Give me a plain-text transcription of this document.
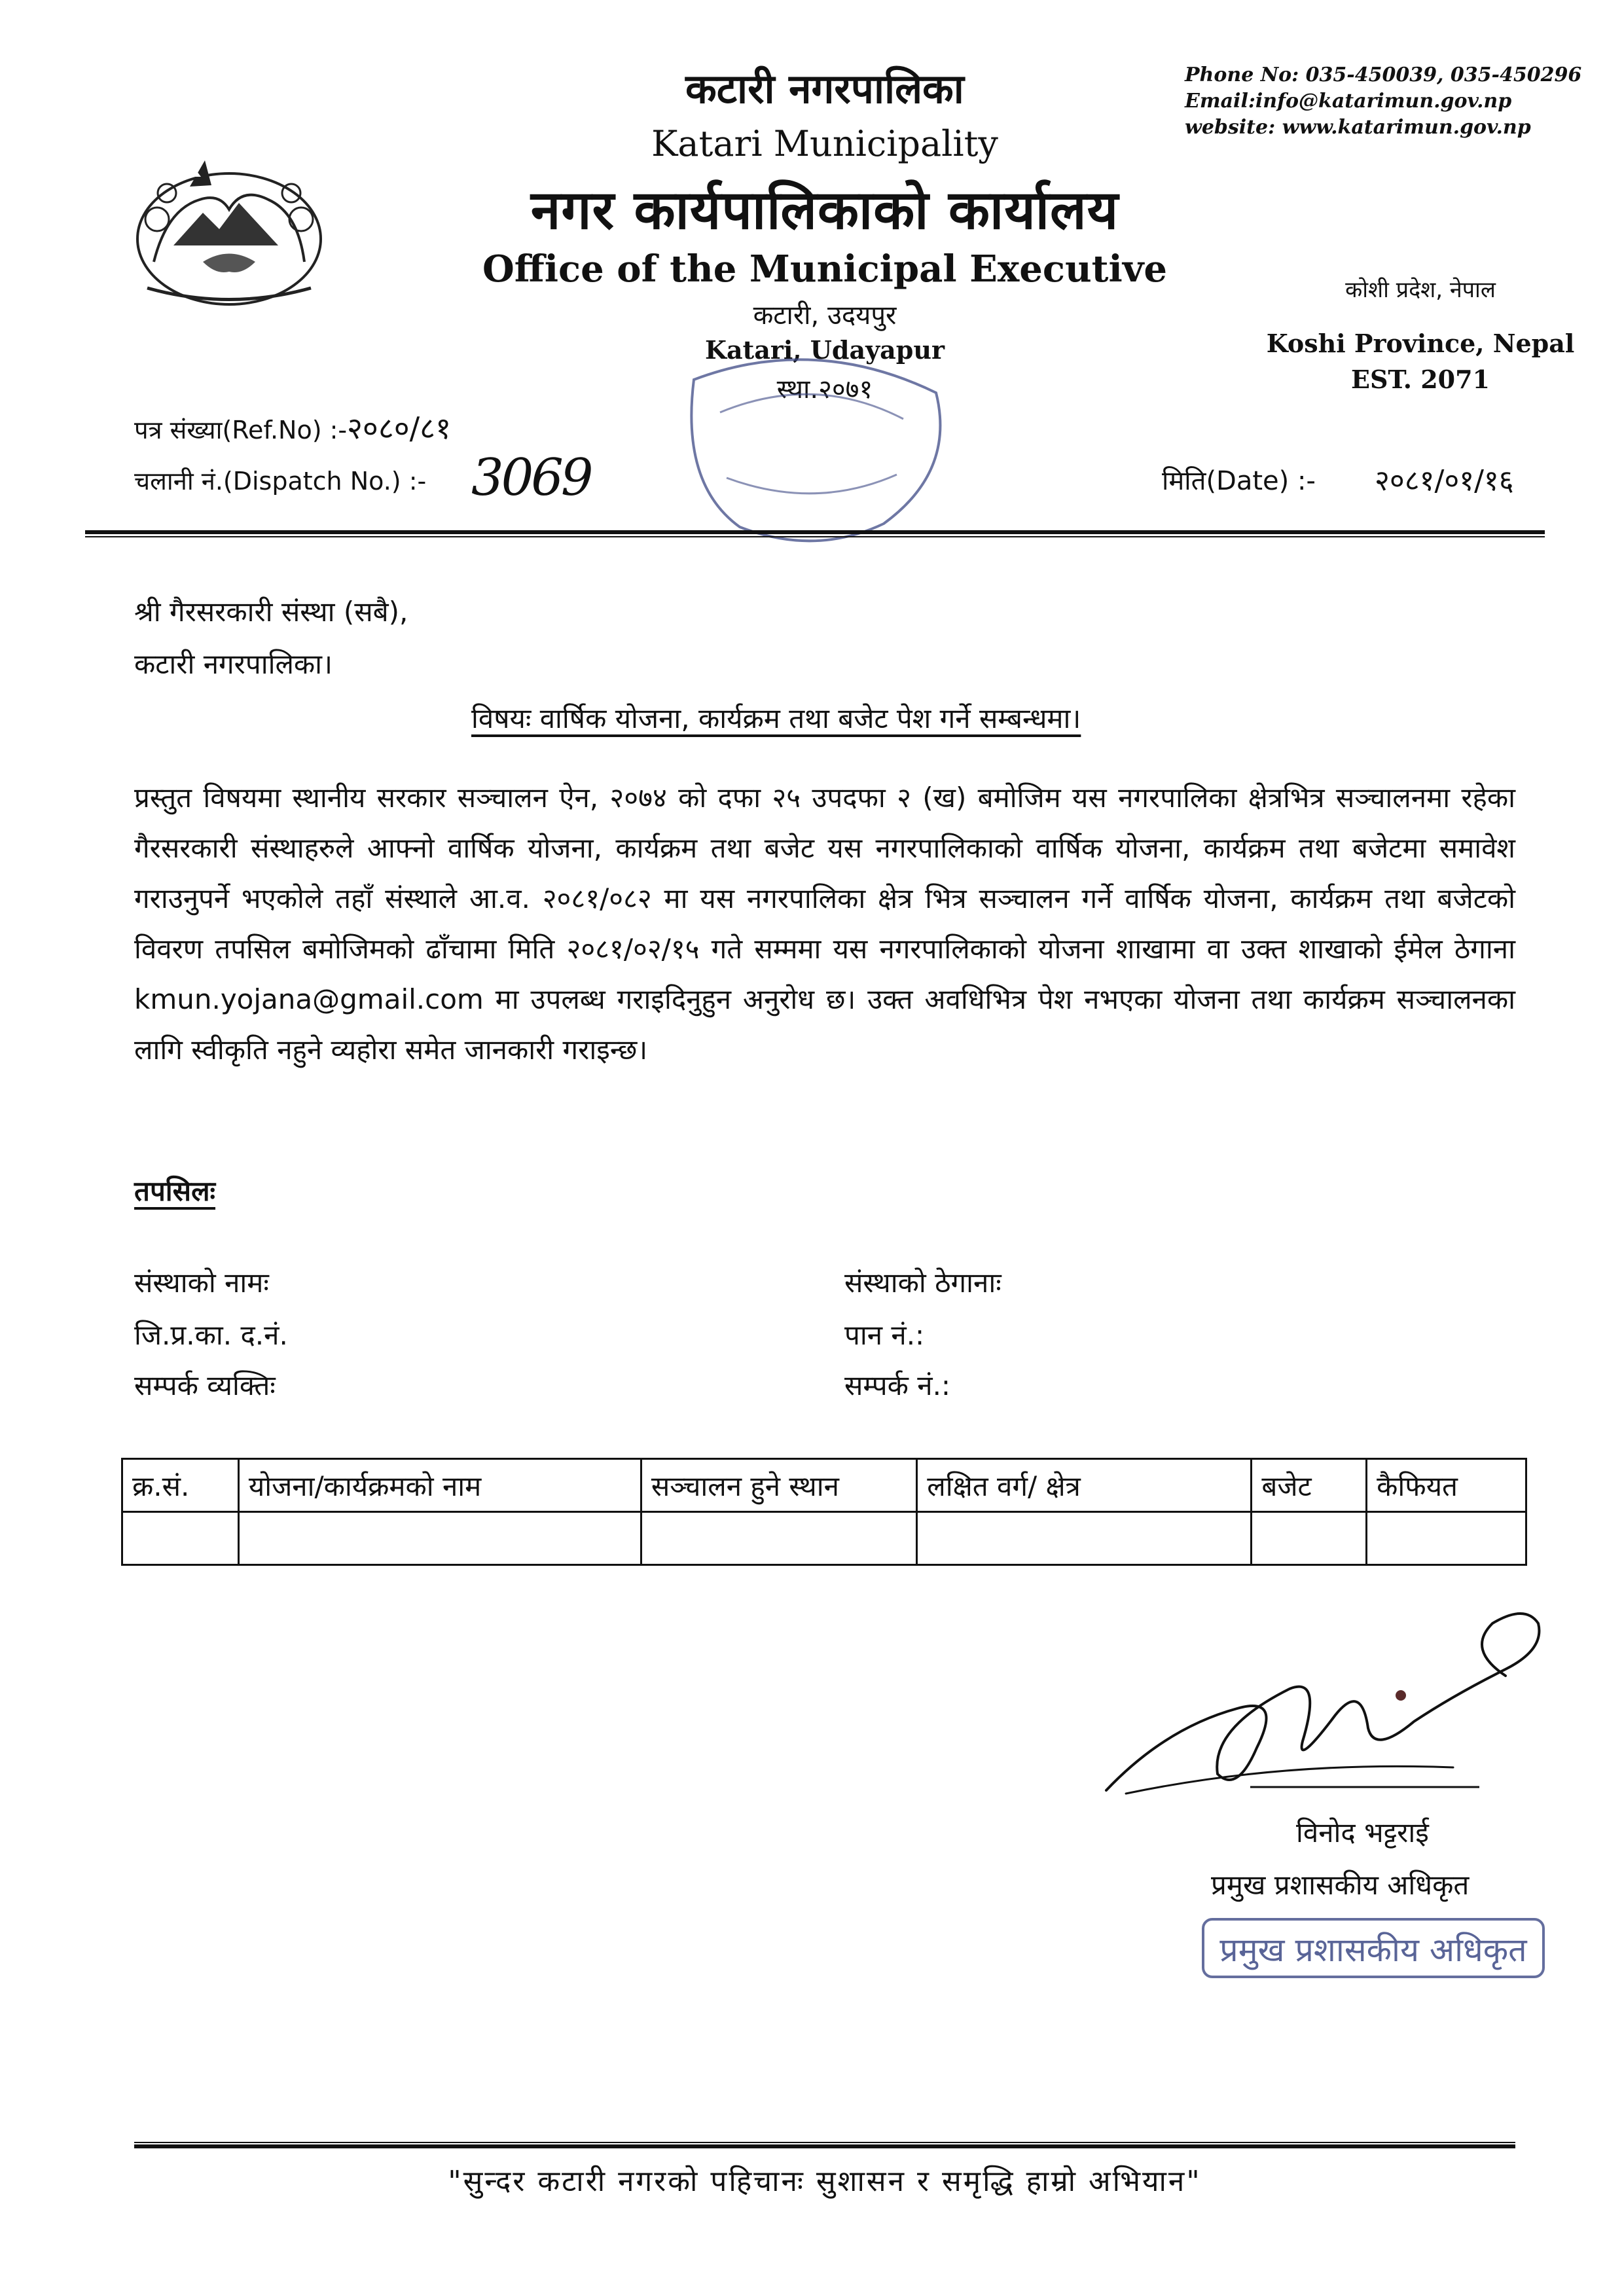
कटारी नगरपालिका
Katari Municipality
नगर कार्यपालिकाको कार्यालय
Office of the Municipal Executive
कटारी, उदयपुर
Katari, Udayapur
स्था.२०७१
Phone No: 035-450039, 035-450296
Email:info@katarimun.gov.np
website: www.katarimun.gov.np
कोशी प्रदेश, नेपाल
Koshi Province, Nepal
EST. 2071
पत्र संख्या(Ref.No) :- २०८०/८१
चलानी नं.(Dispatch No.) :- 3069	मिति(Date) :- २०८१/०१/१६
श्री गैरसरकारी संस्था (सबै),
कटारी नगरपालिका।
विषयः वार्षिक योजना, कार्यक्रम तथा बजेट पेश गर्ने सम्बन्धमा।
प्रस्तुत विषयमा स्थानीय सरकार सञ्चालन ऐन, २०७४ को दफा २५ उपदफा २ (ख) बमोजिम यस नगरपालिका क्षेत्रभित्र सञ्चालनमा रहेका गैरसरकारी संस्थाहरुले आफ्नो वार्षिक योजना, कार्यक्रम तथा बजेट यस नगरपालिकाको वार्षिक योजना, कार्यक्रम तथा बजेटमा समावेश गराउनुपर्ने भएकोले तहाँ संस्थाले आ.व. २०८१/०८२ मा यस नगरपालिका क्षेत्र भित्र सञ्चालन गर्ने वार्षिक योजना, कार्यक्रम तथा बजेटको विवरण तपसिल बमोजिमको ढाँचामा मिति २०८१/०२/१५ गते सम्ममा यस नगरपालिकाको योजना शाखामा वा उक्त शाखाको ईमेल ठेगाना kmun.yojana@gmail.com मा उपलब्ध गराइदिनुहुन अनुरोध छ। उक्त अवधिभित्र पेश नभएका योजना तथा कार्यक्रम सञ्चालनका लागि स्वीकृति नहुने व्यहोरा समेत जानकारी गराइन्छ।
तपसिलः
संस्थाको नामः	संस्थाको ठेगानाः
जि.प्र.का. द.नं.	पान नं.:
सम्पर्क व्यक्तिः	सम्पर्क नं.:
क्र.सं.	योजना/कार्यक्रमको नाम	सञ्चालन हुने स्थान	लक्षित वर्ग/ क्षेत्र	बजेट	कैफियत

विनोद भट्टराई
प्रमुख प्रशासकीय अधिकृत
प्रमुख प्रशासकीय अधिकृत
"सुन्दर कटारी नगरको पहिचानः सुशासन र समृद्धि हाम्रो अभियान"
